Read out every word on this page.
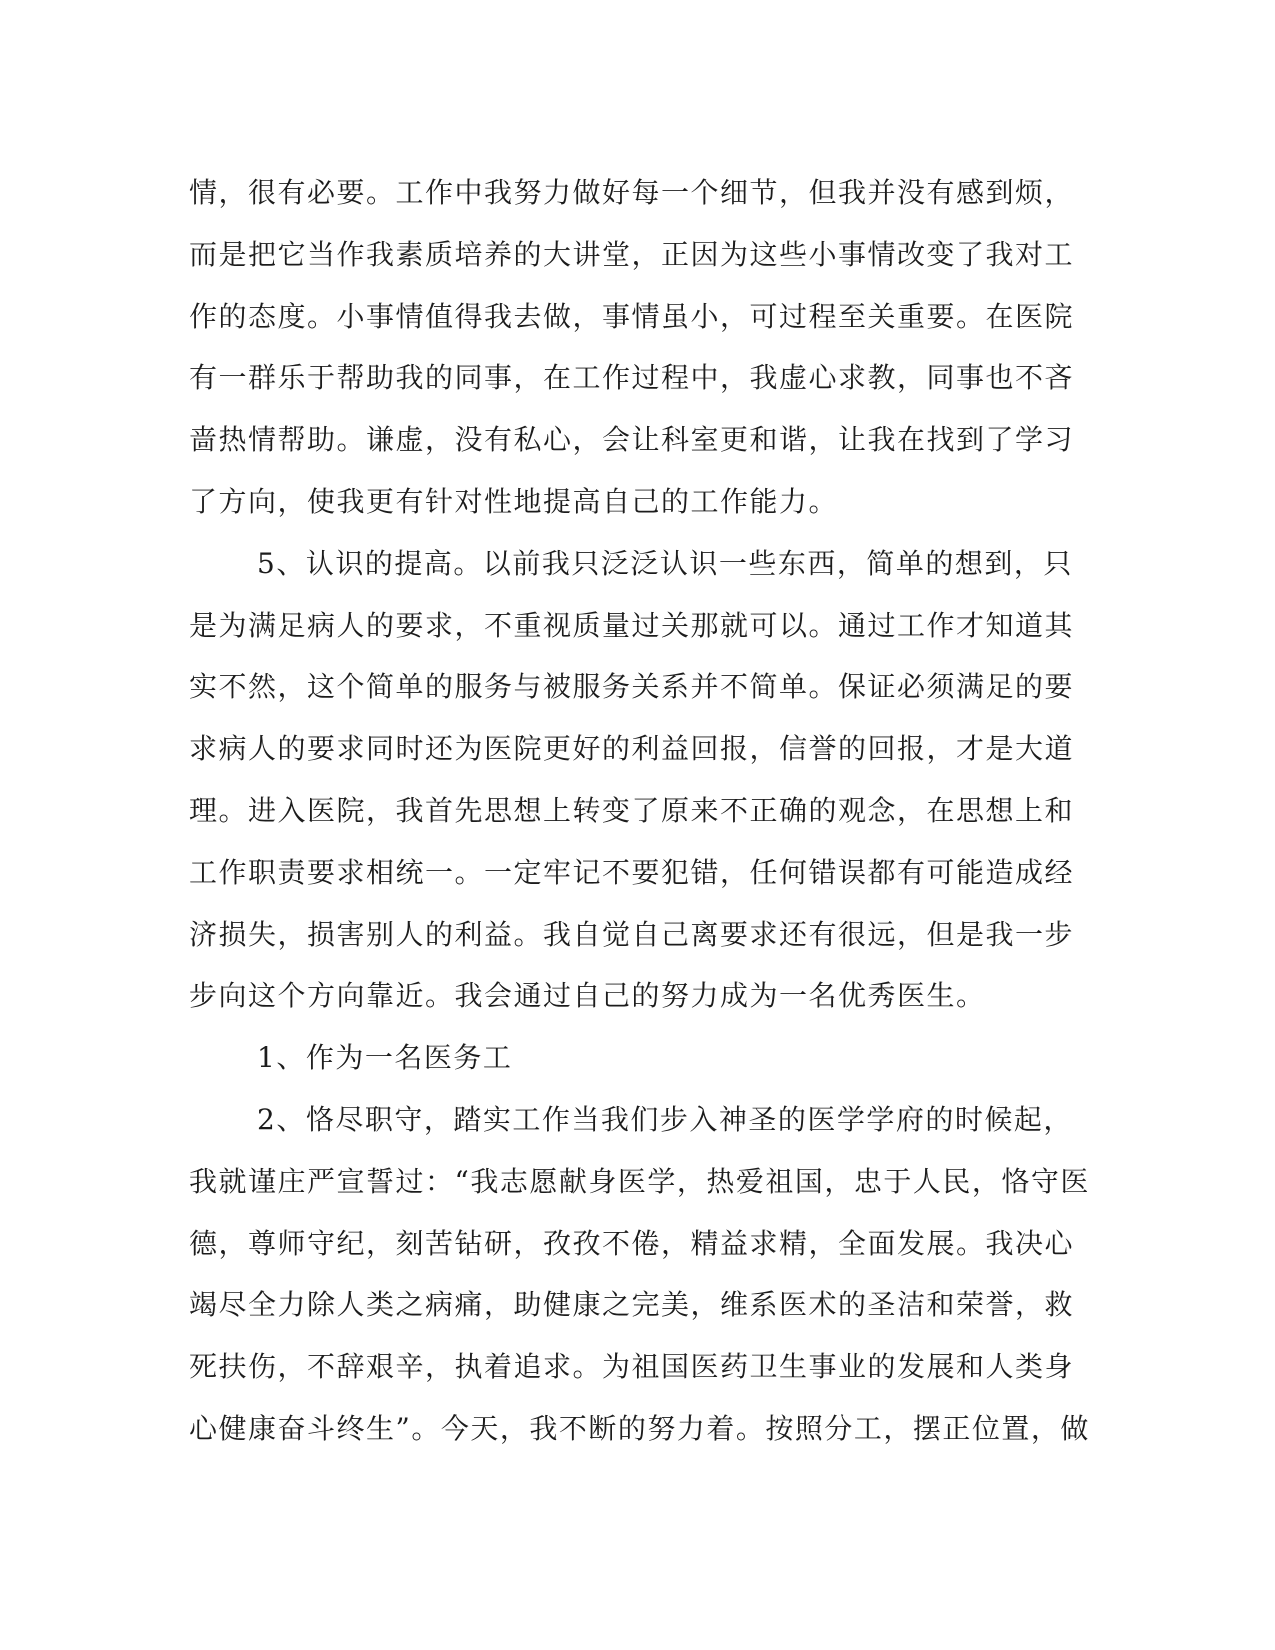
情，很有必要。工作中我努力做好每一个细节，但我并没有感到烦，
而是把它当作我素质培养的大讲堂，正因为这些小事情改变了我对工
作的态度。小事情值得我去做，事情虽小，可过程至关重要。在医院
有一群乐于帮助我的同事，在工作过程中，我虚心求教，同事也不吝
啬热情帮助。谦虚，没有私心，会让科室更和谐，让我在找到了学习
了方向，使我更有针对性地提高自己的工作能力。
5、认识的提高。以前我只泛泛认识一些东西，简单的想到，只
是为满足病人的要求，不重视质量过关那就可以。通过工作才知道其
实不然，这个简单的服务与被服务关系并不简单。保证必须满足的要
求病人的要求同时还为医院更好的利益回报，信誉的回报，才是大道
理。进入医院，我首先思想上转变了原来不正确的观念，在思想上和
工作职责要求相统一。一定牢记不要犯错，任何错误都有可能造成经
济损失，损害别人的利益。我自觉自己离要求还有很远，但是我一步
步向这个方向靠近。我会通过自己的努力成为一名优秀医生。
1、作为一名医务工
2、恪尽职守，踏实工作当我们步入神圣的医学学府的时候起，
我就谨庄严宣誓过：“我志愿献身医学，热爱祖国，忠于人民，恪守医
德，尊师守纪，刻苦钻研，孜孜不倦，精益求精，全面发展。我决心
竭尽全力除人类之病痛，助健康之完美，维系医术的圣洁和荣誉，救
死扶伤，不辞艰辛，执着追求。为祖国医药卫生事业的发展和人类身
心健康奋斗终生”。今天，我不断的努力着。按照分工，摆正位置，做
